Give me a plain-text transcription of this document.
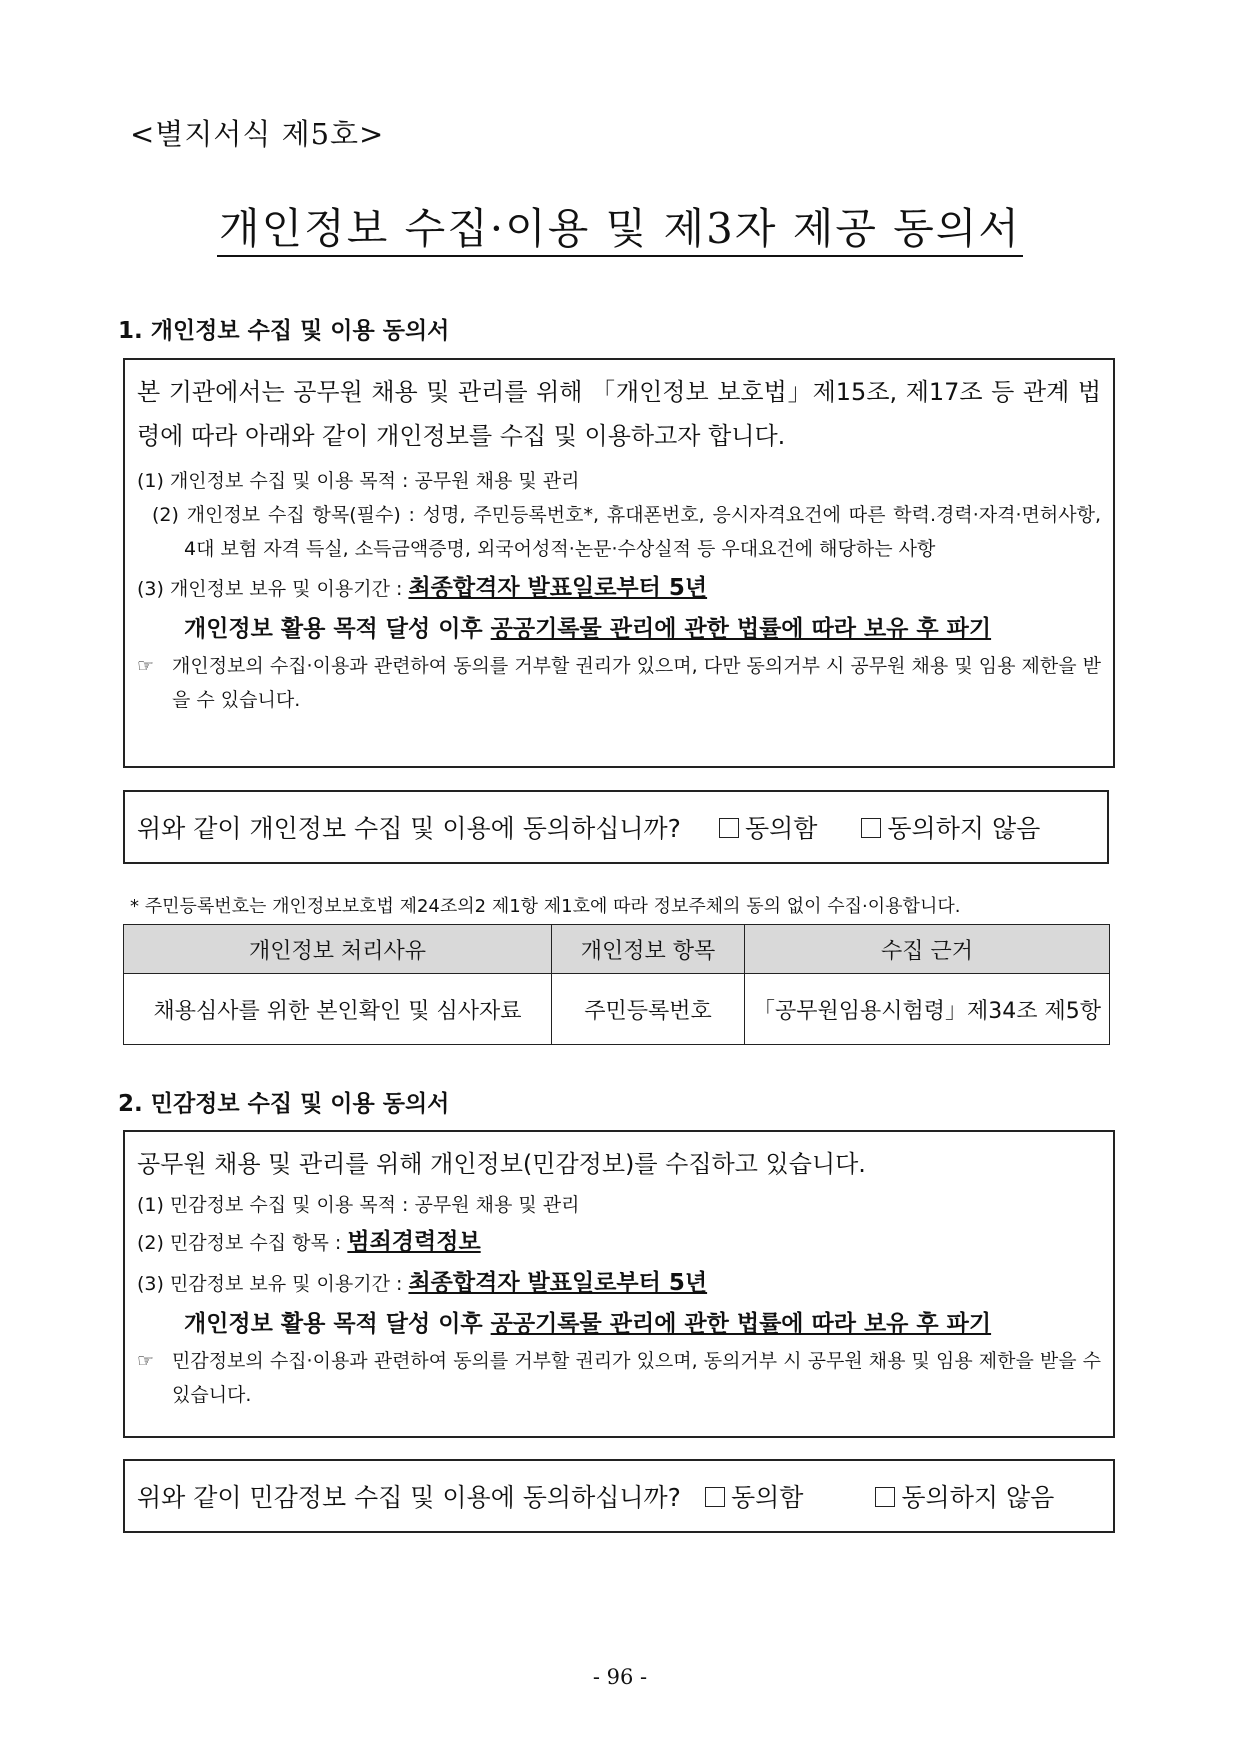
<별지서식 제5호>
개인정보 수집·이용 및 제3자 제공 동의서
1. 개인정보 수집 및 이용 동의서
본 기관에서는 공무원 채용 및 관리를 위해 「개인정보 보호법」제15조, 제17조 등 관계 법령에 따라 아래와 같이 개인정보를 수집 및 이용하고자 합니다.
(1) 개인정보 수집 및 이용 목적 : 공무원 채용 및 관리
(2) 개인정보 수집 항목(필수) : 성명, 주민등록번호*, 휴대폰번호, 응시자격요건에 따른 학력.경력·자격·면허사항, 4대 보험 자격 득실, 소득금액증명, 외국어성적·논문·수상실적 등 우대요건에 해당하는 사항
(3) 개인정보 보유 및 이용기간 : 최종합격자 발표일로부터 5년
개인정보 활용 목적 달성 이후 공공기록물 관리에 관한 법률에 따라 보유 후 파기
☞ 개인정보의 수집·이용과 관련하여 동의를 거부할 권리가 있으며, 다만 동의거부 시 공무원 채용 및 임용 제한을 받을 수 있습니다.
위와 같이 개인정보 수집 및 이용에 동의하십니까?	동의함	동의하지 않음
* 주민등록번호는 개인정보보호법 제24조의2 제1항 제1호에 따라 정보주체의 동의 없이 수집·이용합니다.
개인정보 처리사유	개인정보 항목	수집 근거
채용심사를 위한 본인확인 및 심사자료	주민등록번호	「공무원임용시험령」제34조 제5항
2. 민감정보 수집 및 이용 동의서
공무원 채용 및 관리를 위해 개인정보(민감정보)를 수집하고 있습니다.
(1) 민감정보 수집 및 이용 목적 : 공무원 채용 및 관리
(2) 민감정보 수집 항목 : 범죄경력정보
(3) 민감정보 보유 및 이용기간 : 최종합격자 발표일로부터 5년
개인정보 활용 목적 달성 이후 공공기록물 관리에 관한 법률에 따라 보유 후 파기
☞ 민감정보의 수집·이용과 관련하여 동의를 거부할 권리가 있으며, 동의거부 시 공무원 채용 및 임용 제한을 받을 수 있습니다.
위와 같이 민감정보 수집 및 이용에 동의하십니까?	동의함	동의하지 않음
- 96 -
